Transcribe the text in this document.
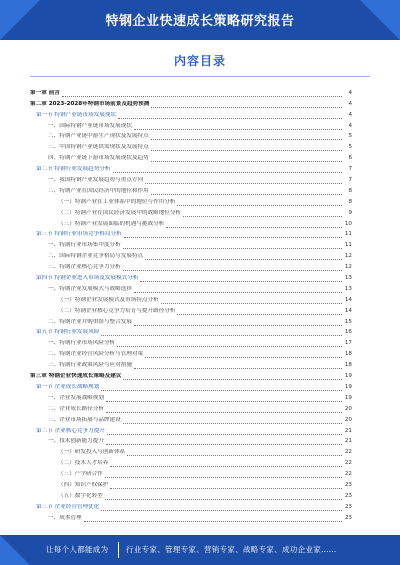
特钢企业快速成长策略研究报告
内容目录
第一章 前言	4
第二章 2023-2028年特钢市场前景及趋势预测	4
第一节 特钢产业链市场发展现状	4
一、国际特钢产业链市场发展现状	4
二、特钢产业链中游生产现状及发展特点	5
三、中国特钢产业链供需现状及发展特点	5
四、特钢产业链下游市场发展现状及趋势	6
第二节 特钢行业发展趋势分析	7
一、我国特钢产业发展趋势与重点方向	7
二、特钢产业在国民经济中的地位和作用	8
（一）特钢产业在工业体系中的地位与作用分析	8
（二）特钢产业在国民经济发展中的战略地位分析	9
（三）特钢产业发展面临的机遇与挑战分析	10
第三节 特钢行业市场竞争格局分析	11
一、特钢行业市场集中度分析	11
二、国际特钢企业竞争格局与发展特点	12
三、特钢企业核心竞争力分析	12
第四节 特钢企业进入市场及发展模式分析	13
一、特钢企业发展模式与战略选择	13
（一）特钢企业发展模式及市场特点分析	14
（二）特钢企业核心竞争力培育与提升路径分析	14
二、特钢企业并购重组与整合发展	15
第五节 特钢行业发展风险	16
一、特钢行业市场风险分析	17
二、特钢企业经营风险分析与管理对策	18
三、特钢行业政策风险与应对措施	18
第三章 特钢企业快速成长策略及建议	19
第一节 企业成长战略规划	19
一、企业发展战略规划	19
二、企业成长路径分析	20
三、企业市场拓展与品牌建设	20
第二节 企业核心竞争力提升	21
一、技术创新能力提升	21
（一）研发投入与创新体系	22
（二）技术人才培养	22
（三）产学研合作	22
（四）知识产权保护	23
（五）数字化转型	23
第三节 企业经营管理优化	23
一、成本管理	23
让每个人都能成为 行业专家、管理专家、营销专家、战略专家、成功企业家……
